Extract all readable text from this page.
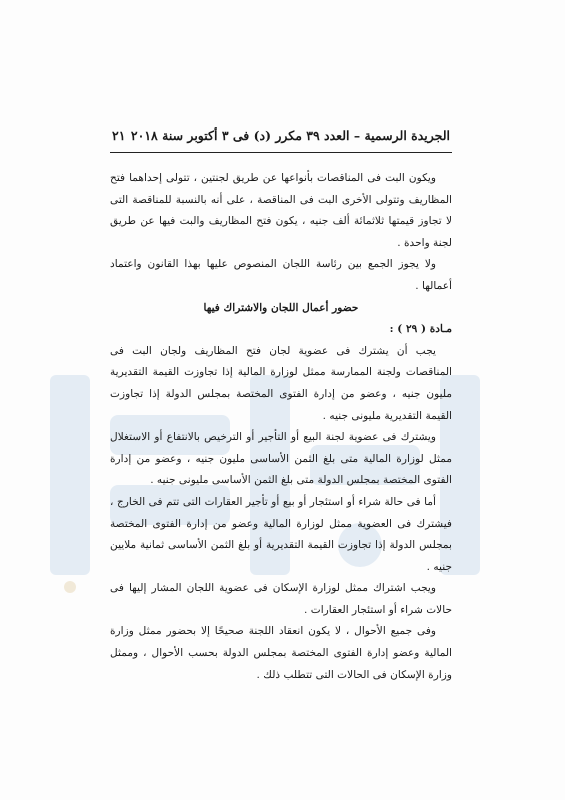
الجريدة الرسمية – العدد ٣٩ مكرر (د) فى ٣ أكتوبر سنة ٢٠١٨
٢١

ويكون البت فى المناقصات بأنواعها عن طريق لجنتين ، تتولى إحداهما فتح المظاريف وتتولى الأخرى البت فى المناقصة ، على أنه بالنسبة للمناقصة التى لا تجاوز قيمتها ثلاثمائة ألف جنيه ، يكون فتح المظاريف والبت فيها عن طريق لجنة واحدة .

ولا يجوز الجمع بين رئاسة اللجان المنصوص عليها بهذا القانون واعتماد أعمالها .

حضور أعمال اللجان والاشتراك فيها

مـادة ( ٢٩ ) :

يجب أن يشترك فى عضوية لجان فتح المظاريف ولجان البت فى المناقصات ولجنة الممارسة ممثل لوزارة المالية إذا تجاوزت القيمة التقديرية مليون جنيه ، وعضو من إدارة الفتوى المختصة بمجلس الدولة إذا تجاوزت القيمة التقديرية مليونى جنيه .

ويشترك فى عضوية لجنة البيع أو التأجير أو الترخيص بالانتفاع أو الاستغلال ممثل لوزارة المالية متى بلغ الثمن الأساسى مليون جنيه ، وعضو من إدارة الفتوى المختصة بمجلس الدولة متى بلغ الثمن الأساسى مليونى جنيه .

أما فى حالة شراء أو استئجار أو بيع أو تأجير العقارات التى تتم فى الخارج ، فيشترك فى العضوية ممثل لوزارة المالية وعضو من إدارة الفتوى المختصة بمجلس الدولة إذا تجاوزت القيمة التقديرية أو بلغ الثمن الأساسى ثمانية ملايين جنيه .

ويجب اشتراك ممثل لوزارة الإسكان فى عضوية اللجان المشار إليها فى حالات شراء أو استئجار العقارات .

وفى جميع الأحوال ، لا يكون انعقاد اللجنة صحيحًا إلا بحضور ممثل وزارة المالية وعضو إدارة الفتوى المختصة بمجلس الدولة بحسب الأحوال ، وممثل وزارة الإسكان فى الحالات التى تتطلب ذلك .
